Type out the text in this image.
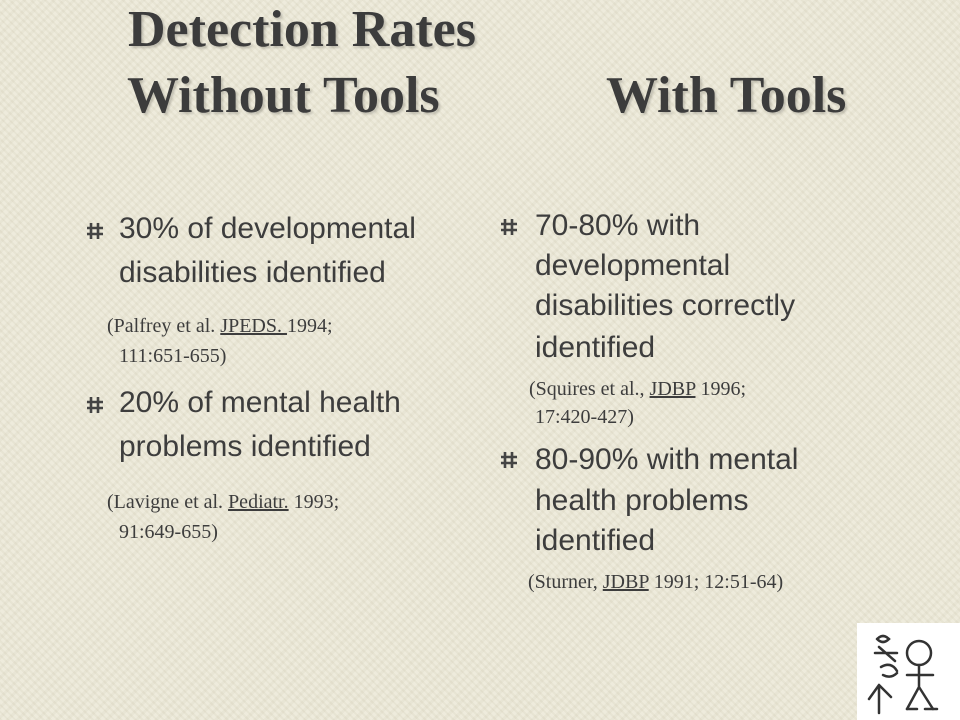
Detection Rates
Without Tools	With Tools
30% of developmental
disabilities identified
(Palfrey et al. JPEDS. 1994;
111:651-655)
20% of mental health
problems identified
(Lavigne et al. Pediatr. 1993;
91:649-655)
70-80% with
developmental
disabilities correctly
identified
(Squires et al., JDBP 1996;
17:420-427)
80-90% with mental
health problems
identified
(Sturner, JDBP 1991; 12:51-64)
